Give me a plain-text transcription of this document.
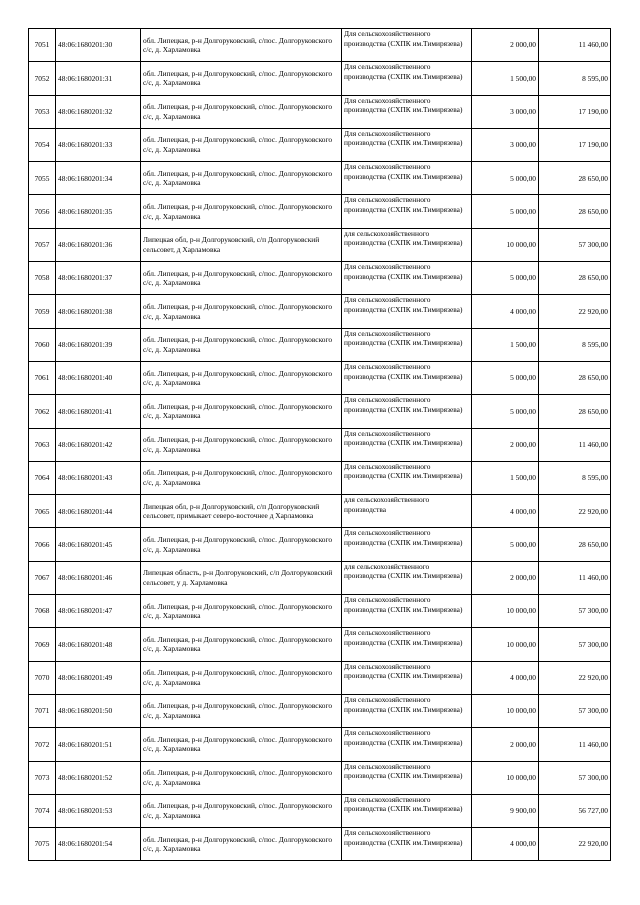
7051	48:06:1680201:30	обл. Липецкая, р-н Долгоруковский, с/пос. Долгоруковского с/с, д. Харламовка	Для сельскохозяйственного производства (СХПК им.Тимирязева)	2 000,00	11 460,00
7052	48:06:1680201:31	обл. Липецкая, р-н Долгоруковский, с/пос. Долгоруковского с/с, д. Харламовка	Для сельскохозяйственного производства (СХПК им.Тимирязева)	1 500,00	8 595,00
7053	48:06:1680201:32	обл. Липецкая, р-н Долгоруковский, с/пос. Долгоруковского с/с, д. Харламовка	Для сельскохозяйственного производства (СХПК им.Тимирязева)	3 000,00	17 190,00
7054	48:06:1680201:33	обл. Липецкая, р-н Долгоруковский, с/пос. Долгоруковского с/с, д. Харламовка	Для сельскохозяйственного производства (СХПК им.Тимирязева)	3 000,00	17 190,00
7055	48:06:1680201:34	обл. Липецкая, р-н Долгоруковский, с/пос. Долгоруковского с/с, д. Харламовка	Для сельскохозяйственного производства (СХПК им.Тимирязева)	5 000,00	28 650,00
7056	48:06:1680201:35	обл. Липецкая, р-н Долгоруковский, с/пос. Долгоруковского с/с, д. Харламовка	Для сельскохозяйственного производства (СХПК им.Тимирязева)	5 000,00	28 650,00
7057	48:06:1680201:36	Липецкая обл, р-н Долгоруковский, с/п Долгоруковский сельсовет, д Харламовка	для сельскохозяйственного производства (СХПК им.Тимирязева)	10 000,00	57 300,00
7058	48:06:1680201:37	обл. Липецкая, р-н Долгоруковский, с/пос. Долгоруковского с/с, д. Харламовка	Для сельскохозяйственного производства (СХПК им.Тимирязева)	5 000,00	28 650,00
7059	48:06:1680201:38	обл. Липецкая, р-н Долгоруковский, с/пос. Долгоруковского с/с, д. Харламовка	Для сельскохозяйственного производства (СХПК им.Тимирязева)	4 000,00	22 920,00
7060	48:06:1680201:39	обл. Липецкая, р-н Долгоруковский, с/пос. Долгоруковского с/с, д. Харламовка	Для сельскохозяйственного производства (СХПК им.Тимирязева)	1 500,00	8 595,00
7061	48:06:1680201:40	обл. Липецкая, р-н Долгоруковский, с/пос. Долгоруковского с/с, д. Харламовка	Для сельскохозяйственного производства (СХПК им.Тимирязева)	5 000,00	28 650,00
7062	48:06:1680201:41	обл. Липецкая, р-н Долгоруковский, с/пос. Долгоруковского с/с, д. Харламовка	Для сельскохозяйственного производства (СХПК им.Тимирязева)	5 000,00	28 650,00
7063	48:06:1680201:42	обл. Липецкая, р-н Долгоруковский, с/пос. Долгоруковского с/с, д. Харламовка	Для сельскохозяйственного производства (СХПК им.Тимирязева)	2 000,00	11 460,00
7064	48:06:1680201:43	обл. Липецкая, р-н Долгоруковский, с/пос. Долгоруковского с/с, д. Харламовка	Для сельскохозяйственного производства (СХПК им.Тимирязева)	1 500,00	8 595,00
7065	48:06:1680201:44	Липецкая обл, р-н Долгоруковский, с/п Долгоруковский сельсовет, примыкает северо-восточнее д Харламовка	для сельскохозяйственного производства	4 000,00	22 920,00
7066	48:06:1680201:45	обл. Липецкая, р-н Долгоруковский, с/пос. Долгоруковского с/с, д. Харламовка	Для сельскохозяйственного производства (СХПК им.Тимирязева)	5 000,00	28 650,00
7067	48:06:1680201:46	Липецкая область, р-н Долгоруковский, с/п Долгоруковский сельсовет, у д. Харламовка	для сельскохозяйственного производства (СХПК им.Тимирязева)	2 000,00	11 460,00
7068	48:06:1680201:47	обл. Липецкая, р-н Долгоруковский, с/пос. Долгоруковского с/с, д. Харламовка	Для сельскохозяйственного производства (СХПК им.Тимирязева)	10 000,00	57 300,00
7069	48:06:1680201:48	обл. Липецкая, р-н Долгоруковский, с/пос. Долгоруковского с/с, д. Харламовка	Для сельскохозяйственного производства (СХПК им.Тимирязева)	10 000,00	57 300,00
7070	48:06:1680201:49	обл. Липецкая, р-н Долгоруковский, с/пос. Долгоруковского с/с, д. Харламовка	Для сельскохозяйственного производства (СХПК им.Тимирязева)	4 000,00	22 920,00
7071	48:06:1680201:50	обл. Липецкая, р-н Долгоруковский, с/пос. Долгоруковского с/с, д. Харламовка	Для сельскохозяйственного производства (СХПК им.Тимирязева)	10 000,00	57 300,00
7072	48:06:1680201:51	обл. Липецкая, р-н Долгоруковский, с/пос. Долгоруковского с/с, д. Харламовка	Для сельскохозяйственного производства (СХПК им.Тимирязева)	2 000,00	11 460,00
7073	48:06:1680201:52	обл. Липецкая, р-н Долгоруковский, с/пос. Долгоруковского с/с, д. Харламовка	Для сельскохозяйственного производства (СХПК им.Тимирязева)	10 000,00	57 300,00
7074	48:06:1680201:53	обл. Липецкая, р-н Долгоруковский, с/пос. Долгоруковского с/с, д. Харламовка	Для сельскохозяйственного производства (СХПК им.Тимирязева)	9 900,00	56 727,00
7075	48:06:1680201:54	обл. Липецкая, р-н Долгоруковский, с/пос. Долгоруковского с/с, д. Харламовка	Для сельскохозяйственного производства (СХПК им.Тимирязева)	4 000,00	22 920,00
